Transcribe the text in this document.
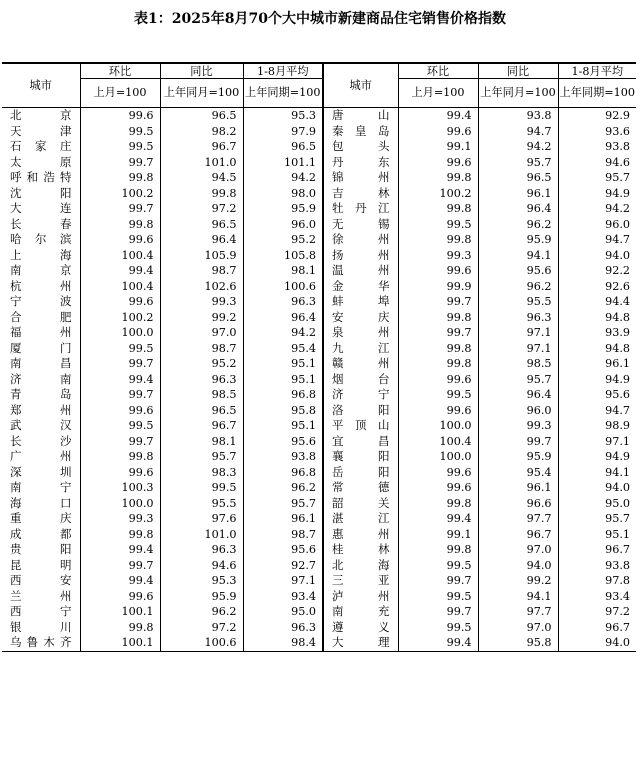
表1：2025年8月70个大中城市新建商品住宅销售价格指数
城市	环比	同比	1-8月平均	城市	环比	同比	1-8月平均
	上月=100	上年同月=100	上年同期=100		上月=100	上年同月=100	上年同期=100
北京	99.6	96.5	95.3	唐山	99.4	93.8	92.9
天津	99.5	98.2	97.9	秦皇岛	99.6	94.7	93.6
石家庄	99.5	96.7	96.5	包头	99.1	94.2	93.8
太原	99.7	101.0	101.1	丹东	99.6	95.7	94.6
呼和浩特	99.8	94.5	94.2	锦州	99.8	96.5	95.7
沈阳	100.2	99.8	98.0	吉林	100.2	96.1	94.9
大连	99.7	97.2	95.9	牡丹江	99.8	96.4	94.2
长春	99.8	96.5	96.0	无锡	99.5	96.2	96.0
哈尔滨	99.6	96.4	95.2	徐州	99.8	95.9	94.7
上海	100.4	105.9	105.8	扬州	99.3	94.1	94.0
南京	99.4	98.7	98.1	温州	99.6	95.6	92.2
杭州	100.4	102.6	100.6	金华	99.9	96.2	92.6
宁波	99.6	99.3	96.3	蚌埠	99.7	95.5	94.4
合肥	100.2	99.2	96.4	安庆	99.8	96.3	94.8
福州	100.0	97.0	94.2	泉州	99.7	97.1	93.9
厦门	99.5	98.7	95.4	九江	99.8	97.1	94.8
南昌	99.7	95.2	95.1	赣州	99.8	98.5	96.1
济南	99.4	96.3	95.1	烟台	99.6	95.7	94.9
青岛	99.7	98.5	96.8	济宁	99.5	96.4	95.6
郑州	99.6	96.5	95.8	洛阳	99.6	96.0	94.7
武汉	99.5	96.7	95.1	平顶山	100.0	99.3	98.9
长沙	99.7	98.1	95.6	宜昌	100.4	99.7	97.1
广州	99.8	95.7	93.8	襄阳	100.0	95.9	94.9
深圳	99.6	98.3	96.8	岳阳	99.6	95.4	94.1
南宁	100.3	99.5	96.2	常德	99.6	96.1	94.0
海口	100.0	95.5	95.7	韶关	99.8	96.6	95.0
重庆	99.3	97.6	96.1	湛江	99.4	97.7	95.7
成都	99.8	101.0	98.7	惠州	99.1	96.7	95.1
贵阳	99.4	96.3	95.6	桂林	99.8	97.0	96.7
昆明	99.7	94.6	92.7	北海	99.5	94.0	93.8
西安	99.4	95.3	97.1	三亚	99.7	99.2	97.8
兰州	99.6	95.9	93.4	泸州	99.5	94.1	93.4
西宁	100.1	96.2	95.0	南充	99.7	97.7	97.2
银川	99.8	97.2	96.3	遵义	99.5	97.0	96.7
乌鲁木齐	100.1	100.6	98.4	大理	99.4	95.8	94.0
